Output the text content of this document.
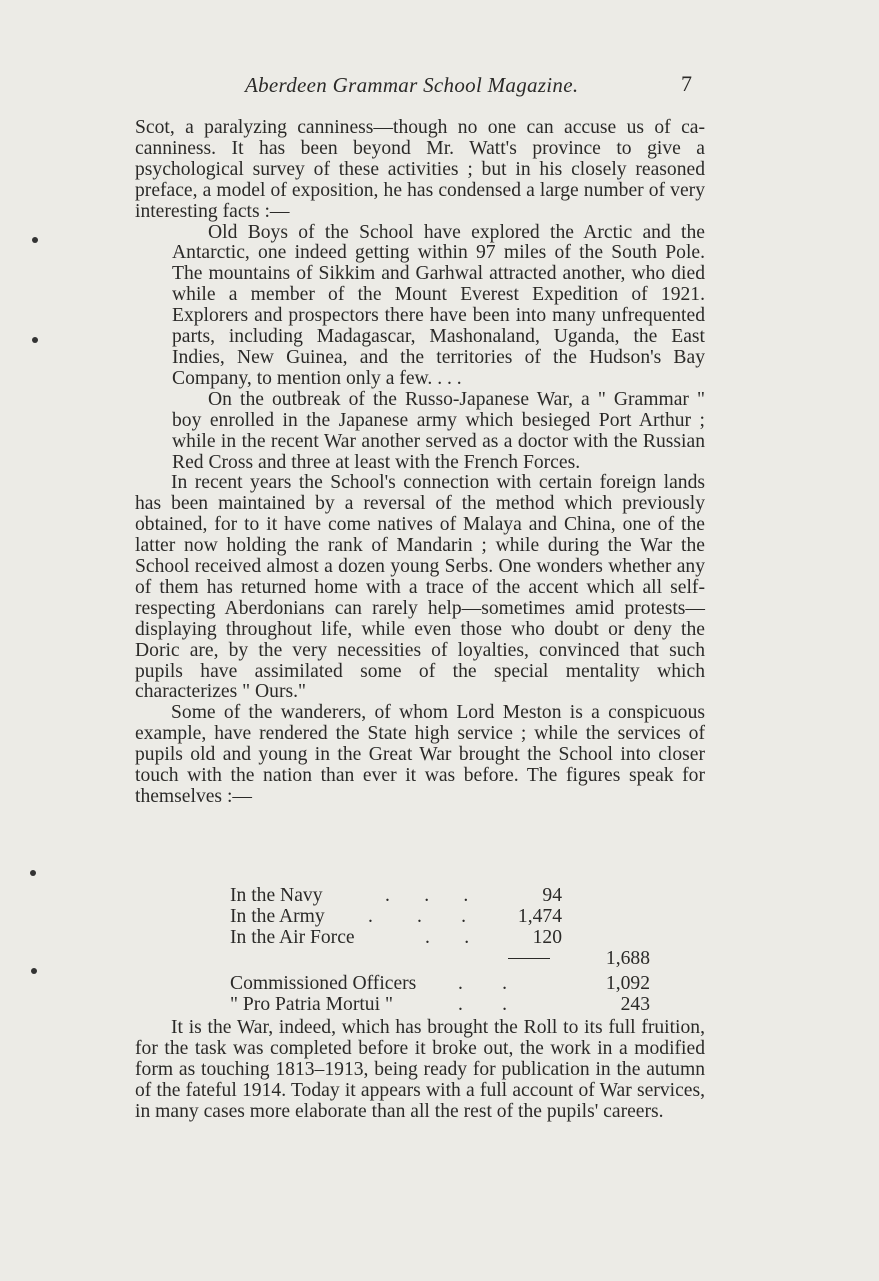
Aberdeen Grammar School Magazine.	7

Scot, a paralyzing canniness—though no one can accuse us of ca-canniness. It has been beyond Mr. Watt's province to give a psychological survey of these activities ; but in his closely reasoned preface, a model of exposition, he has condensed a large number of very interesting facts :—

Old Boys of the School have explored the Arctic and the Antarctic, one indeed getting within 97 miles of the South Pole. The mountains of Sikkim and Garhwal attracted another, who died while a member of the Mount Everest Expedition of 1921. Explorers and prospectors there have been into many unfrequented parts, including Madagascar, Mashonaland, Uganda, the East Indies, New Guinea, and the territories of the Hudson's Bay Company, to mention only a few. . . .

On the outbreak of the Russo-Japanese War, a " Grammar " boy enrolled in the Japanese army which besieged Port Arthur ; while in the recent War another served as a doctor with the Russian Red Cross and three at least with the French Forces.

In recent years the School's connection with certain foreign lands has been maintained by a reversal of the method which previously obtained, for to it have come natives of Malaya and China, one of the latter now holding the rank of Mandarin ; while during the War the School received almost a dozen young Serbs. One wonders whether any of them has returned home with a trace of the accent which all self-respecting Aberdonians can rarely help—sometimes amid protests—displaying throughout life, while even those who doubt or deny the Doric are, by the very necessities of loyalties, convinced that such pupils have assimilated some of the special mentality which characterizes " Ours."

Some of the wanderers, of whom Lord Meston is a conspicuous example, have rendered the State high service ; while the services of pupils old and young in the Great War brought the School into closer touch with the nation than ever it was before. The figures speak for themselves :—

In the Navy	.       .       .	94
In the Army .         .        .	1,474
In the Air Force	.       .	120
1,688
Commissioned Officers .        .	1,092
" Pro Patria Mortui "	.        .	243

It is the War, indeed, which has brought the Roll to its full fruition, for the task was completed before it broke out, the work in a modified form as touching 1813–1913, being ready for publication in the autumn of the fateful 1914. Today it appears with a full account of War services, in many cases more elaborate than all the rest of the pupils' careers.
